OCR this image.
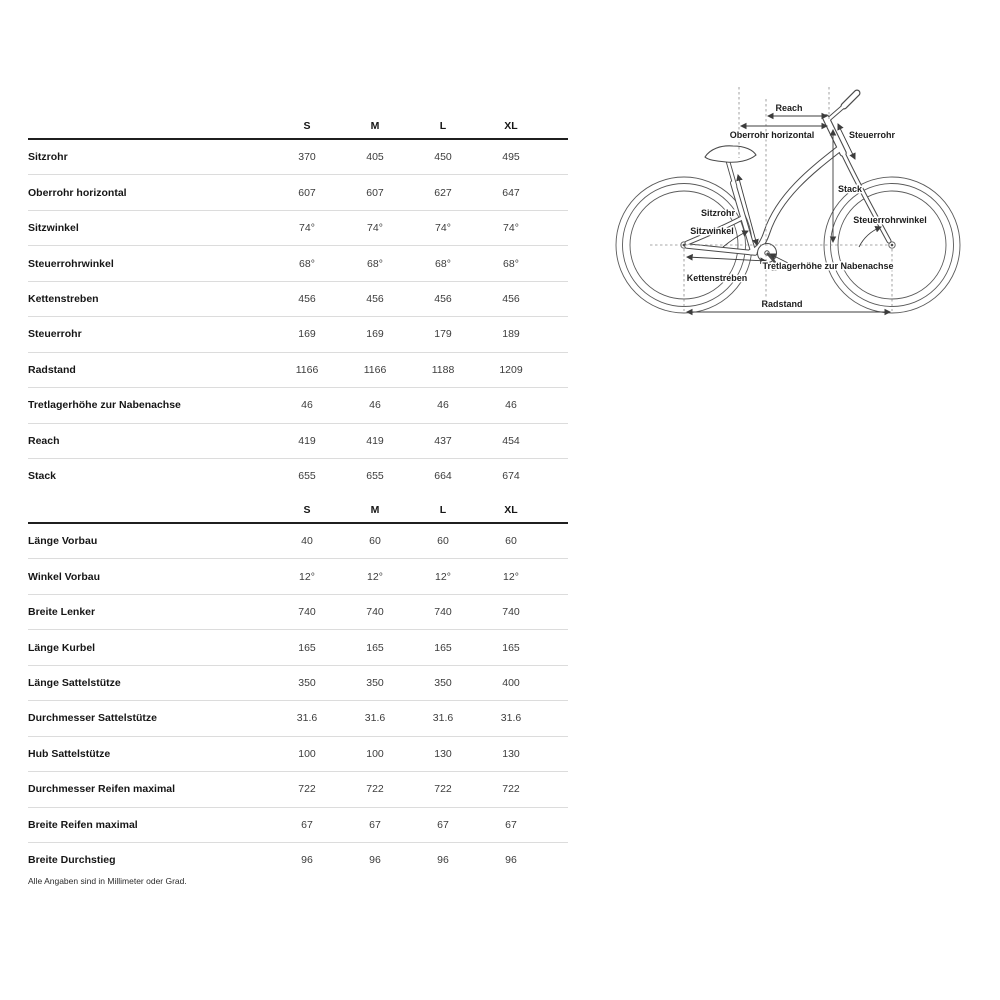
S	M	L	XL
Sitzrohr	370	405	450	495
Oberrohr horizontal	607	607	627	647
Sitzwinkel	74°	74°	74°	74°
Steuerrohrwinkel	68°	68°	68°	68°
Kettenstreben	456	456	456	456
Steuerrohr	169	169	179	189
Radstand	1166	1166	1188	1209
Tretlagerhöhe zur Nabenachse	46	46	46	46
Reach	419	419	437	454
Stack	655	655	664	674
S	M	L	XL
Länge Vorbau	40	60	60	60
Winkel Vorbau	12°	12°	12°	12°
Breite Lenker	740	740	740	740
Länge Kurbel	165	165	165	165
Länge Sattelstütze	350	350	350	400
Durchmesser Sattelstütze	31.6	31.6	31.6	31.6
Hub Sattelstütze	100	100	130	130
Durchmesser Reifen maximal	722	722	722	722
Breite Reifen maximal	67	67	67	67
Breite Durchstieg	96	96	96	96
Alle Angaben sind in Millimeter oder Grad.
Reach
Oberrohr horizontal	Steuerrohr
Stack
Sitzrohr
Sitzwinkel
Steuerrohrwinkel
Tretlagerhöhe zur Nabenachse
Kettenstreben
Radstand
